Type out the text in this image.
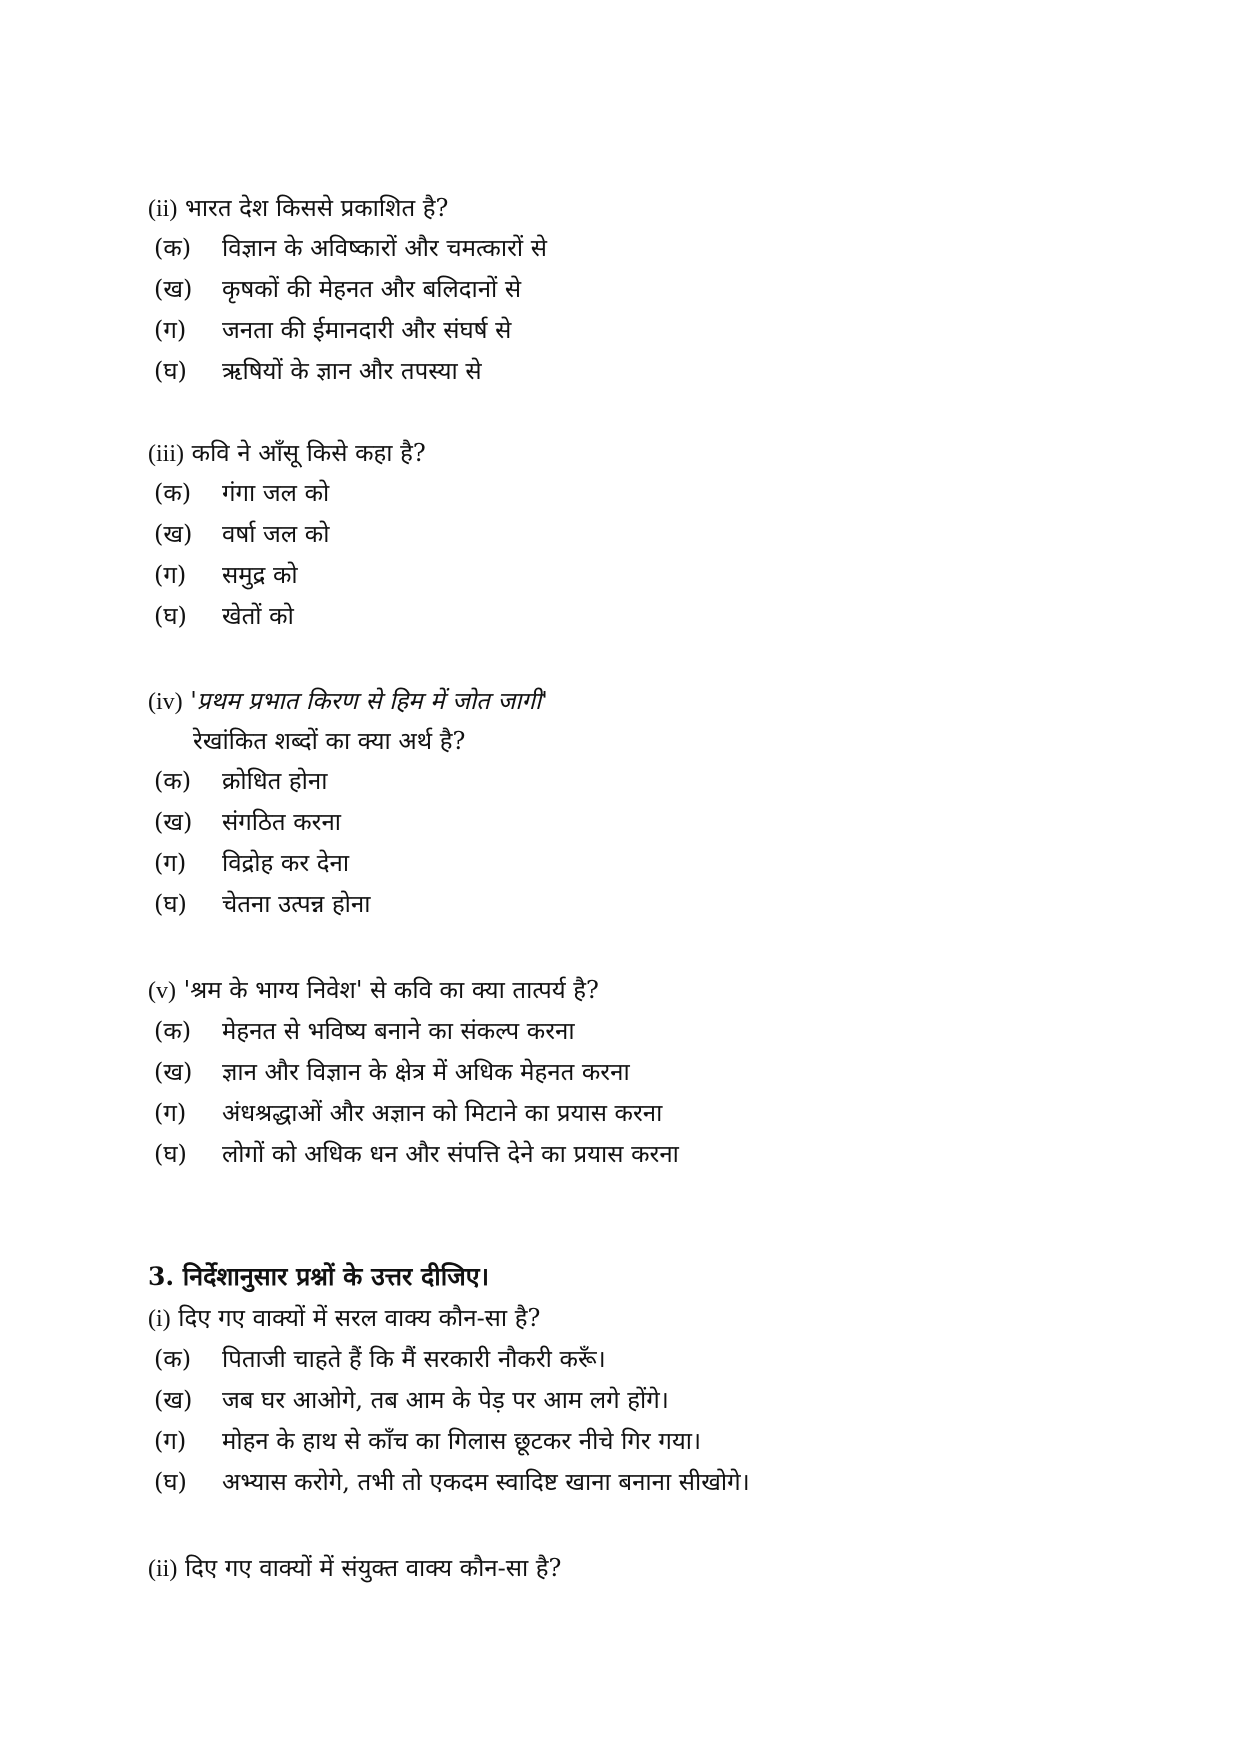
(ii) भारत देश किससे प्रकाशित है?
(क) विज्ञान के अविष्कारों और चमत्कारों से
(ख) कृषकों की मेहनत और बलिदानों से
(ग) जनता की ईमानदारी और संघर्ष से
(घ) ऋषियों के ज्ञान और तपस्या से
(iii) कवि ने आँसू किसे कहा है?
(क) गंगा जल को
(ख) वर्षा जल को
(ग) समुद्र को
(घ) खेतों को
(iv) 'प्रथम प्रभात किरण से हिम में जोत जागी'
रेखांकित शब्दों का क्या अर्थ है?
(क) क्रोधित होना
(ख) संगठित करना
(ग) विद्रोह कर देना
(घ) चेतना उत्पन्न होना
(v) 'श्रम के भाग्य निवेश' से कवि का क्या तात्पर्य है?
(क) मेहनत से भविष्य बनाने का संकल्प करना
(ख) ज्ञान और विज्ञान के क्षेत्र में अधिक मेहनत करना
(ग) अंधश्रद्धाओं और अज्ञान को मिटाने का प्रयास करना
(घ) लोगों को अधिक धन और संपत्ति देने का प्रयास करना
3. निर्देशानुसार प्रश्नों के उत्तर दीजिए।
(i) दिए गए वाक्यों में सरल वाक्य कौन-सा है?
(क) पिताजी चाहते हैं कि मैं सरकारी नौकरी करूँ।
(ख) जब घर आओगे, तब आम के पेड़ पर आम लगे होंगे।
(ग) मोहन के हाथ से काँच का गिलास छूटकर नीचे गिर गया।
(घ) अभ्यास करोगे, तभी तो एकदम स्वादिष्ट खाना बनाना सीखोगे।
(ii) दिए गए वाक्यों में संयुक्त वाक्य कौन-सा है?
